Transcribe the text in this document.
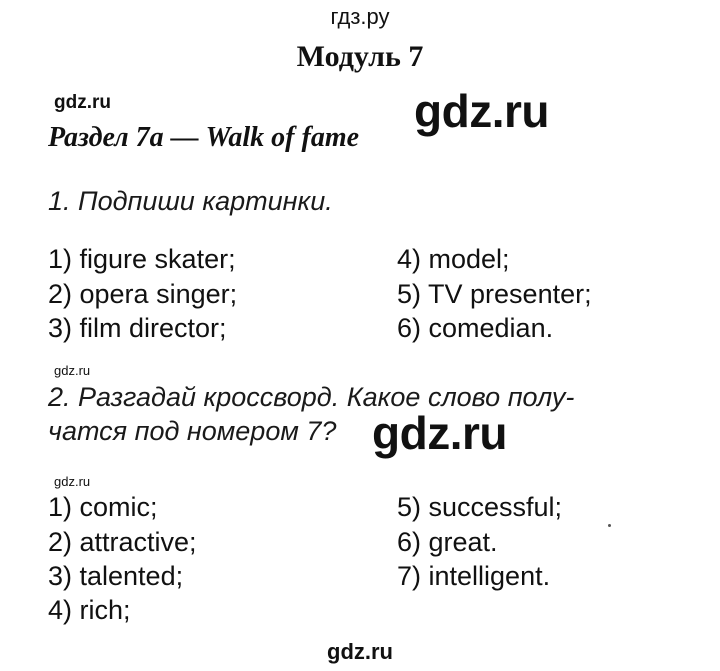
гдз.ру
Модуль 7
gdz.ru	gdz.ru
Раздел 7а — Walk of fame
1. Подпиши картинки.
1) figure skater;
2) opera singer;
3) film director;
4) model;
5) TV presenter;
6) comedian.
gdz.ru
2. Разгадай кроссворд. Какое слово полу-
чатся под номером 7? gdz.ru
gdz.ru
1) comic;
2) attractive;
3) talented;
4) rich;
5) successful;
6) great.
7) intelligent.
gdz.ru
